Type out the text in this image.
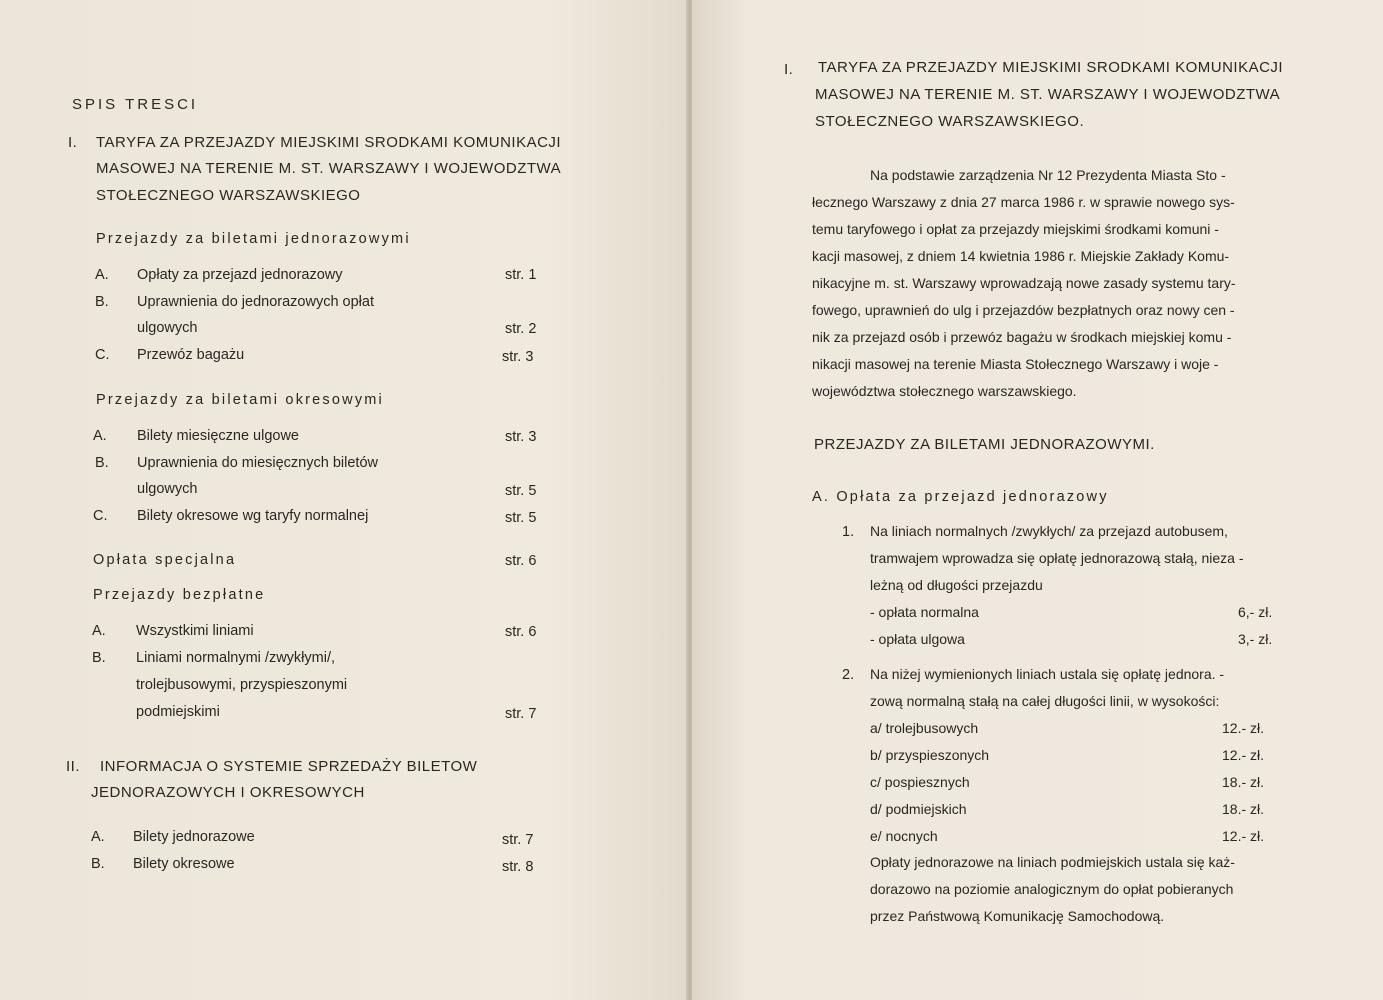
SPIS TRESCI
I. TARYFA ZA PRZEJAZDY MIEJSKIMI SRODKAMI KOMUNIKACJI
MASOWEJ NA TERENIE M. ST. WARSZAWY I WOJEWODZTWA
STOŁECZNEGO WARSZAWSKIEGO
Przejazdy za biletami jednorazowymi
A. Opłaty za przejazd jednorazowy	str. 1
B. Uprawnienia do jednorazowych opłat
ulgowych	str. 2
C. Przewóz bagażu	str. 3
Przejazdy za biletami okresowymi
A. Bilety miesięczne ulgowe	str. 3
B. Uprawnienia do miesięcznych biletów
ulgowych	str. 5
C. Bilety okresowe wg taryfy normalnej	str. 5
Opłata specjalna	str. 6
Przejazdy bezpłatne
A. Wszystkimi liniami	str. 6
B. Liniami normalnymi /zwykłymi/,
trolejbusowymi, przyspieszonymi
podmiejskimi	str. 7
II. INFORMACJA O SYSTEMIE SPRZEDAŻY BILETOW
JEDNORAZOWYCH I OKRESOWYCH
A. Bilety jednorazowe	str. 7
B. Bilety okresowe	str. 8
I. TARYFA ZA PRZEJAZDY MIEJSKIMI SRODKAMI KOMUNIKACJI
MASOWEJ NA TERENIE M. ST. WARSZAWY I WOJEWODZTWA
STOŁECZNEGO WARSZAWSKIEGO.
Na podstawie zarządzenia Nr 12 Prezydenta Miasta Sto -
łecznego Warszawy z dnia 27 marca 1986 r. w sprawie nowego sys-
temu taryfowego i opłat za przejazdy miejskimi środkami komuni -
kacji masowej, z dniem 14 kwietnia 1986 r. Miejskie Zakłady Komu-
nikacyjne m. st. Warszawy wprowadzają nowe zasady systemu tary-
fowego, uprawnień do ulg i przejazdów bezpłatnych oraz nowy cen -
nik za przejazd osób i przewóz bagażu w środkach miejskiej komu -
nikacji masowej na terenie Miasta Stołecznego Warszawy i woje -
województwa stołecznego warszawskiego.
PRZEJAZDY ZA BILETAMI JEDNORAZOWYMI.
A. Opłata za przejazd jednorazowy
1. Na liniach normalnych /zwykłych/ za przejazd autobusem,
tramwajem wprowadza się opłatę jednorazową stałą, nieza -
leżną od długości przejazdu
- opłata normalna	6,- zł.
- opłata ulgowa	3,- zł.
2. Na niżej wymienionych liniach ustala się opłatę jednora. -
zową normalną stałą na całej długości linii, w wysokości:
a/ trolejbusowych	12.- zł.
b/ przyspieszonych	12.- zł.
c/ pospiesznych	18.- zł.
d/ podmiejskich	18.- zł.
e/ nocnych	12.- zł.
Opłaty jednorazowe na liniach podmiejskich ustala się każ-
dorazowo na poziomie analogicznym do opłat pobieranych
przez Państwową Komunikację Samochodową.
